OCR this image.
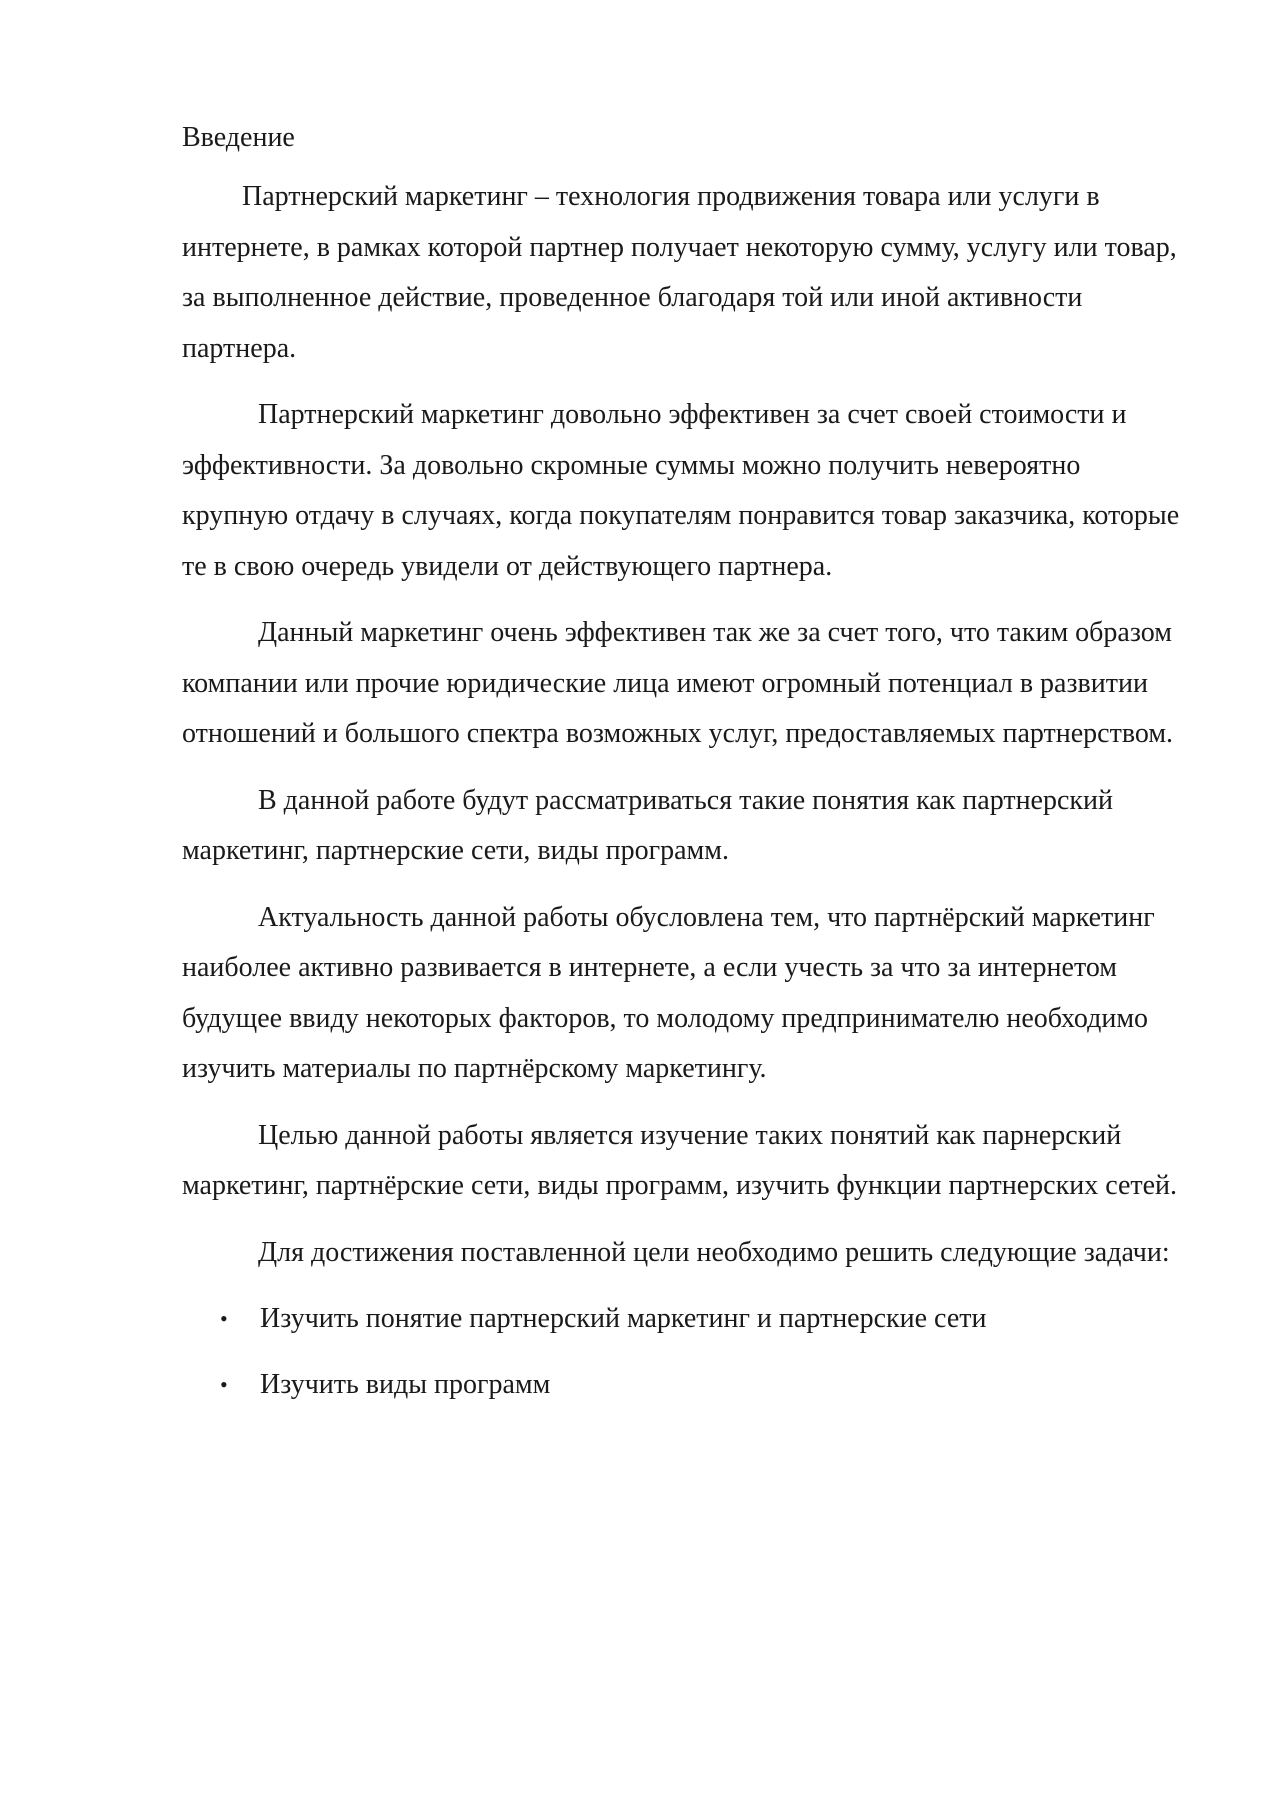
Введение

Партнерский маркетинг – технология продвижения товара или услуги в интернете, в рамках которой партнер получает некоторую сумму, услугу или товар, за выполненное действие, проведенное благодаря той или иной активности партнера.

Партнерский маркетинг довольно эффективен за счет своей стоимости и эффективности. За довольно скромные суммы можно получить невероятно крупную отдачу в случаях, когда покупателям понравится товар заказчика, которые те в свою очередь увидели от действующего партнера.

Данный маркетинг очень эффективен так же за счет того, что таким образом компании или прочие юридические лица имеют огромный потенциал в развитии отношений и большого спектра возможных услуг, предоставляемых партнерством.

В данной работе будут рассматриваться такие понятия как партнерский маркетинг, партнерские сети, виды программ.

Актуальность данной работы обусловлена тем, что партнёрский маркетинг наиболее активно развивается в интернете, а если учесть за что за интернетом будущее ввиду некоторых факторов, то молодому предпринимателю необходимо изучить материалы по партнёрскому маркетингу.

Целью данной работы является изучение таких понятий как парнерский маркетинг, партнёрские сети, виды программ, изучить функции партнерских сетей.

Для достижения поставленной цели необходимо решить следующие задачи:

• Изучить понятие партнерский маркетинг и партнерские сети
• Изучить виды программ
